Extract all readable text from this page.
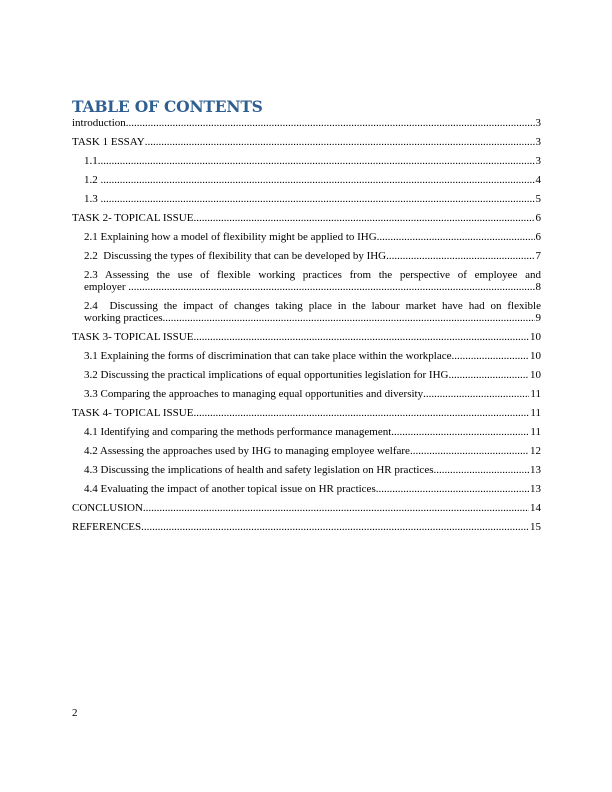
TABLE OF CONTENTS
introduction .....	3
TASK 1 ESSAY .....	3
1.1 .....	3
1.2 .....	4
1.3 .....	5
TASK 2- TOPICAL ISSUE .....	6
2.1 Explaining how a model of flexibility might be applied to IHG .....	6
2.2  Discussing the types of flexibility that can be developed by IHG .....	7
2.3 Assessing the use of flexible working practices from the perspective of employee and
employer .....	8
2.4  Discussing the impact of changes taking place in the labour market have had on flexible
working practices .....	9
TASK 3- TOPICAL ISSUE .....	10
3.1 Explaining the forms of discrimination that can take place within the workplace .....	10
3.2 Discussing the practical implications of equal opportunities legislation for IHG .....	10
3.3 Comparing the approaches to managing equal opportunities and diversity .....	11
TASK 4- TOPICAL ISSUE .....	11
4.1 Identifying and comparing the methods performance management .....	11
4.2 Assessing the approaches used by IHG to managing employee welfare .....	12
4.3 Discussing the implications of health and safety legislation on HR practices .....	13
4.4 Evaluating the impact of another topical issue on HR practices .....	13
CONCLUSION .....	14
REFERENCES .....	15
2
